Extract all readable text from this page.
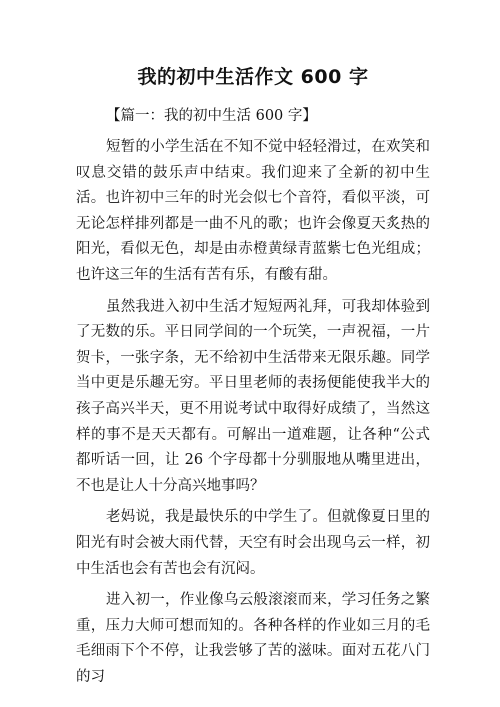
我的初中生活作文 600 字
【篇一：我的初中生活 600 字】

短暂的小学生活在不知不觉中轻轻滑过，在欢笑和叹息交错的鼓乐声中结束。我们迎来了全新的初中生活。也许初中三年的时光会似七个音符，看似平淡，可无论怎样排列都是一曲不凡的歌；也许会像夏天炙热的阳光，看似无色，却是由赤橙黄绿青蓝紫七色光组成；也许这三年的生活有苦有乐，有酸有甜。

虽然我进入初中生活才短短两礼拜，可我却体验到了无数的乐。平日同学间的一个玩笑，一声祝福，一片贺卡，一张字条，无不给初中生活带来无限乐趣。同学当中更是乐趣无穷。平日里老师的表扬便能使我半大的孩子高兴半天，更不用说考试中取得好成绩了，当然这样的事不是天天都有。可解出一道难题，让各种“公式都听话一回，让 26 个字母都十分驯服地从嘴里进出，不也是让人十分高兴地事吗？

老妈说，我是最快乐的中学生了。但就像夏日里的阳光有时会被大雨代替，天空有时会出现乌云一样，初中生活也会有苦也会有沉闷。

进入初一，作业像乌云般滚滚而来，学习任务之繁重，压力大师可想而知的。各种各样的作业如三月的毛毛细雨下个不停，让我尝够了苦的滋味。面对五花八门的习
